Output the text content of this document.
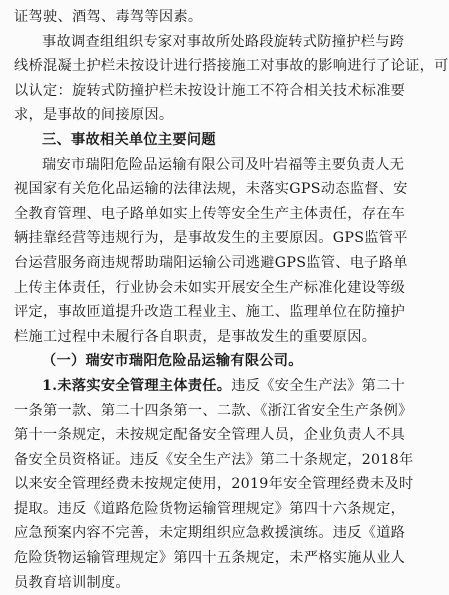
证驾驶、酒驾、毒驾等因素。
事故调查组组织专家对事故所处路段旋转式防撞护栏与跨
线桥混凝土护栏未按设计进行搭接施工对事故的影响进行了论证，可
以认定：旋转式防撞护栏未按设计施工不符合相关技术标准要
求，是事故的间接原因。
三、事故相关单位主要问题
瑞安市瑞阳危险品运输有限公司及叶岩福等主要负责人无
视国家有关危化品运输的法律法规，未落实GPS动态监督、安
全教育管理、电子路单如实上传等安全生产主体责任，存在车
辆挂靠经营等违规行为，是事故发生的主要原因。GPS监管平
台运营服务商违规帮助瑞阳运输公司逃避GPS监管、电子路单
上传主体责任，行业协会未如实开展安全生产标准化建设等级
评定，事故匝道提升改造工程业主、施工、监理单位在防撞护
栏施工过程中未履行各自职责，是事故发生的重要原因。
（一）瑞安市瑞阳危险品运输有限公司。
1.未落实安全管理主体责任。违反《安全生产法》第二十
一条第一款、第二十四条第一、二款、《浙江省安全生产条例》
第十一条规定，未按规定配备安全管理人员，企业负责人不具
备安全员资格证。违反《安全生产法》第二十条规定，2018年
以来安全管理经费未按规定使用，2019年安全管理经费未及时
提取。违反《道路危险货物运输管理规定》第四十六条规定，
应急预案内容不完善，未定期组织应急救援演练。违反《道路
危险货物运输管理规定》第四十五条规定，未严格实施从业人
员教育培训制度。
